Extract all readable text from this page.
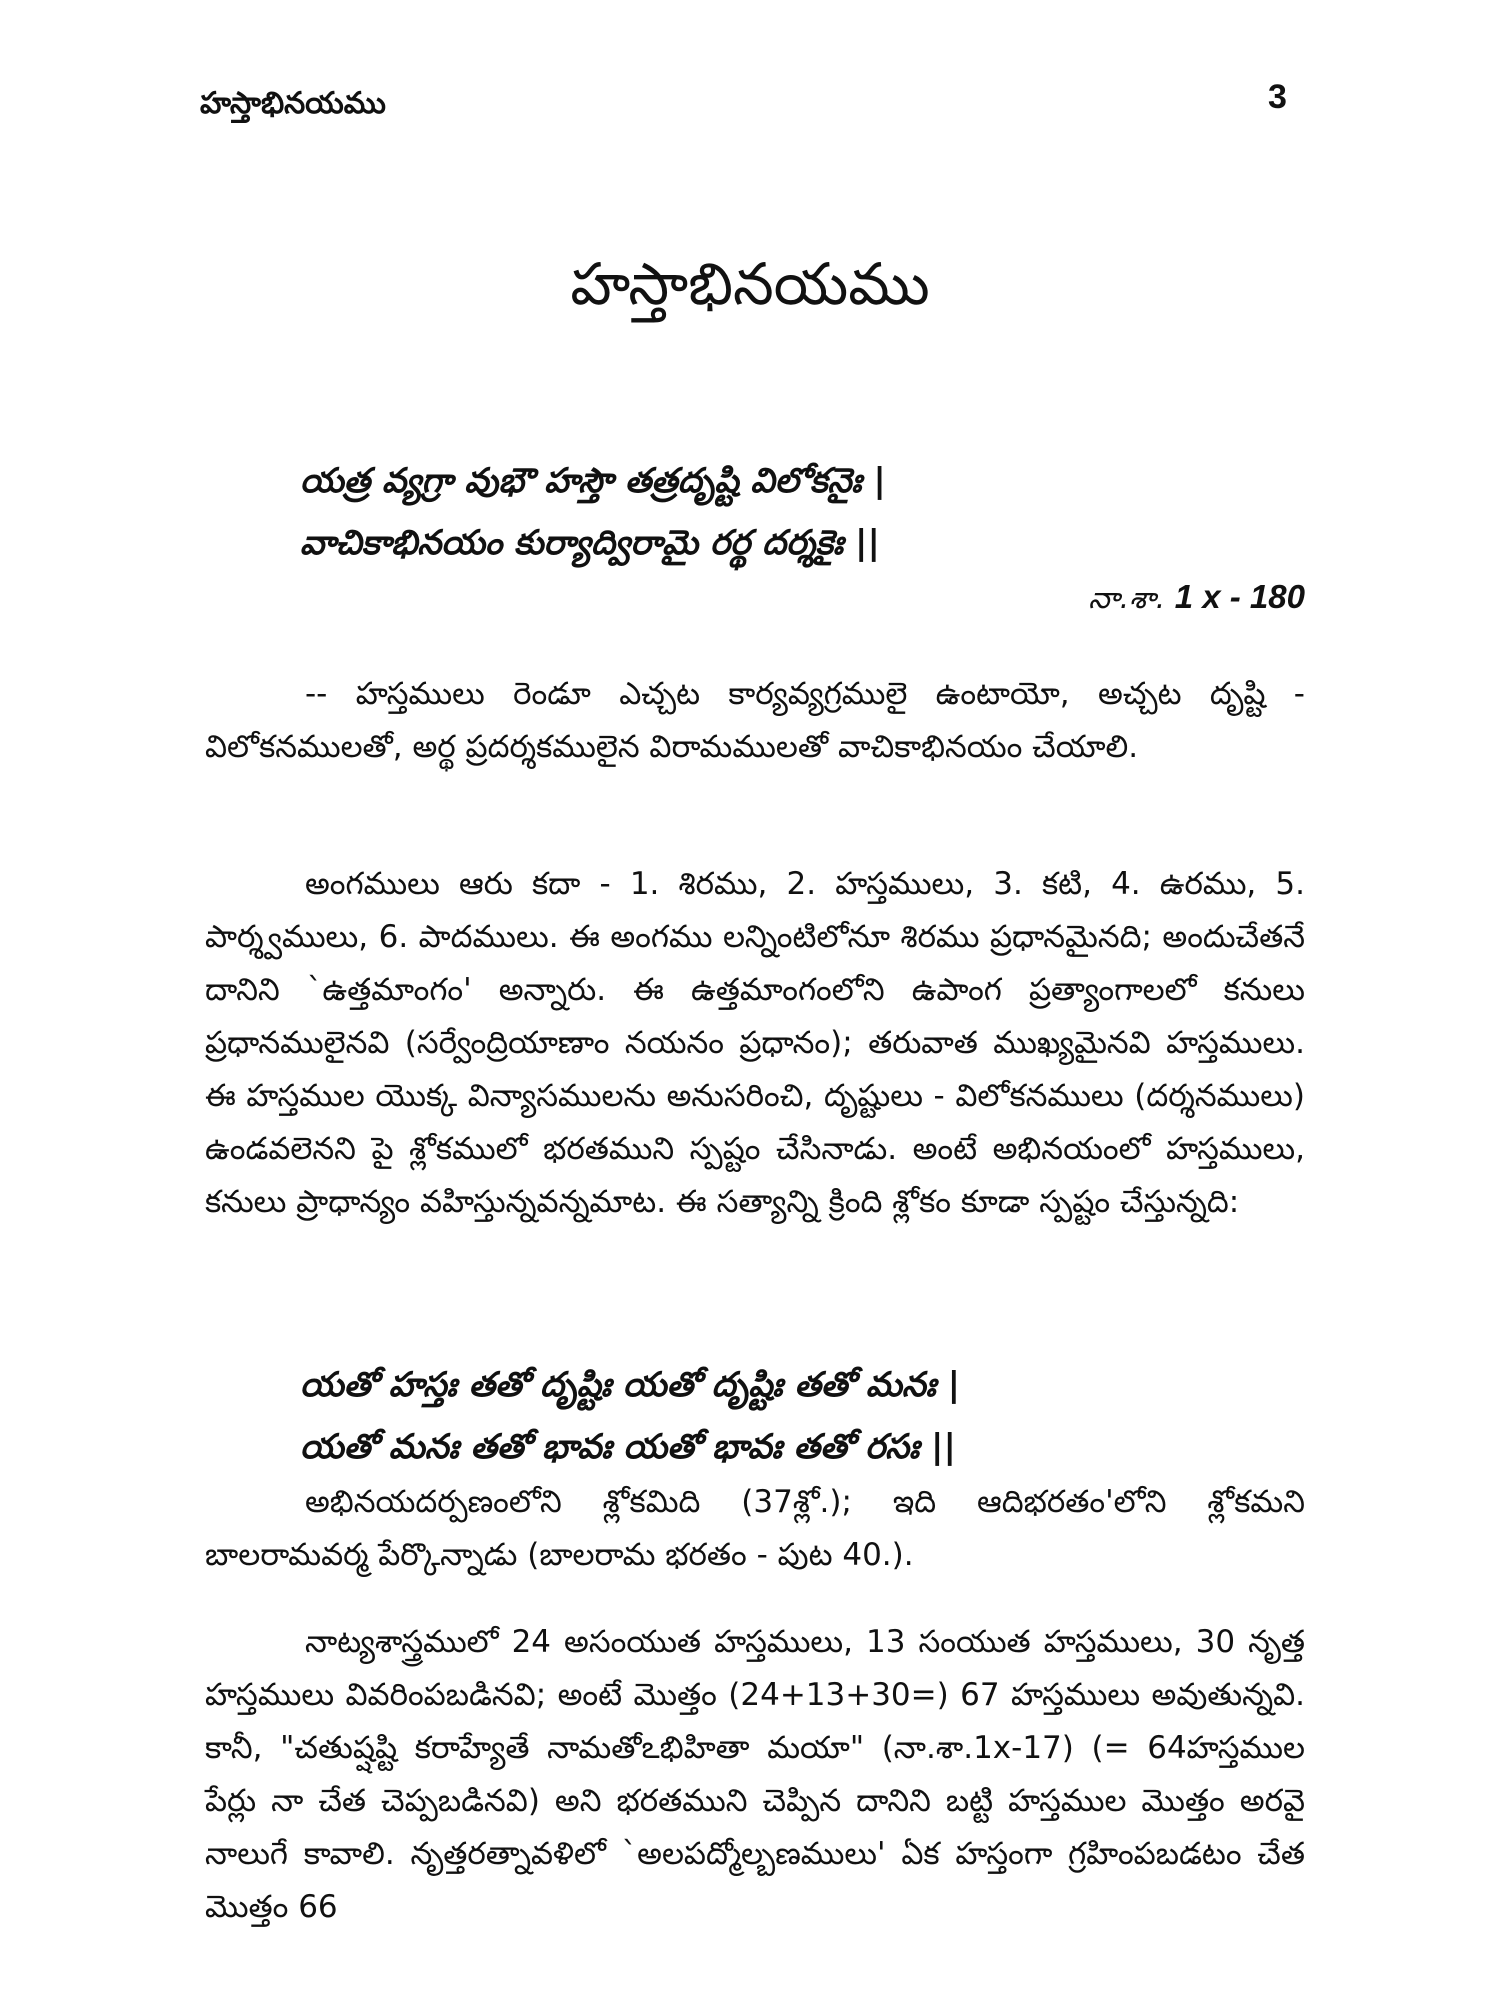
హస్తాభినయము	3
హస్తాభినయము
యత్ర వ్యగ్రా వుభౌ హస్తౌ తత్రదృష్టి విలోకనైః |
వాచికాభినయం కుర్యాద్విరామై రర్థ దర్శకైః ||
నా.శా. 1 x - 180

-- హస్తములు రెండూ ఎచ్చట కార్యవ్యగ్రములై ఉంటాయో, అచ్చట దృష్టి - విలోకనములతో, అర్థ ప్రదర్శకములైన విరామములతో వాచికాభినయం చేయాలి.

అంగములు ఆరు కదా - 1. శిరము, 2. హస్తములు, 3. కటి, 4. ఉరము, 5. పార్శ్వములు, 6. పాదములు. ఈ అంగము లన్నింటిలోనూ శిరము ప్రధానమైనది; అందుచేతనే దానిని `ఉత్తమాంగం' అన్నారు. ఈ ఉత్తమాంగంలోని ఉపాంగ ప్రత్యాంగాలలో కనులు ప్రధానములైనవి (సర్వేంద్రియాణాం నయనం ప్రధానం); తరువాత ముఖ్యమైనవి హస్తములు. ఈ హస్తముల యొక్క విన్యాసములను అనుసరించి, దృష్టులు - విలోకనములు (దర్శనములు) ఉండవలెనని పై శ్లోకములో భరతముని స్పష్టం చేసినాడు. అంటే అభినయంలో హస్తములు, కనులు ప్రాధాన్యం వహిస్తున్నవన్నమాట. ఈ సత్యాన్ని క్రింది శ్లోకం కూడా స్పష్టం చేస్తున్నది:

యతో హస్తః తతో దృష్టిః యతో దృష్టిః తతో మనః |
యతో మనః తతో భావః యతో భావః తతో రసః ||

అభినయదర్పణంలోని శ్లోకమిది (37శ్లో.); ఇది ఆదిభరతం'లోని శ్లోకమని బాలరామవర్మ పేర్కొన్నాడు (బాలరామ భరతం - పుట 40.).

నాట్యశాస్త్రములో 24 అసంయుత హస్తములు, 13 సంయుత హస్తములు, 30 నృత్త హస్తములు వివరింపబడినవి; అంటే మొత్తం (24+13+30=) 67 హస్తములు అవుతున్నవి. కానీ, "చతుష్షష్టి కరాహ్యేతే నామతోఽభిహితా మయా" (నా.శా.1x-17) (= 64హస్తముల పేర్లు నా చేత చెప్పబడినవి) అని భరతముని చెప్పిన దానిని బట్టి హస్తముల మొత్తం అరవై నాలుగే కావాలి. నృత్తరత్నావళిలో `అలపద్మోల్బణములు' ఏక హస్తంగా గ్రహింపబడటం చేత మొత్తం 66
